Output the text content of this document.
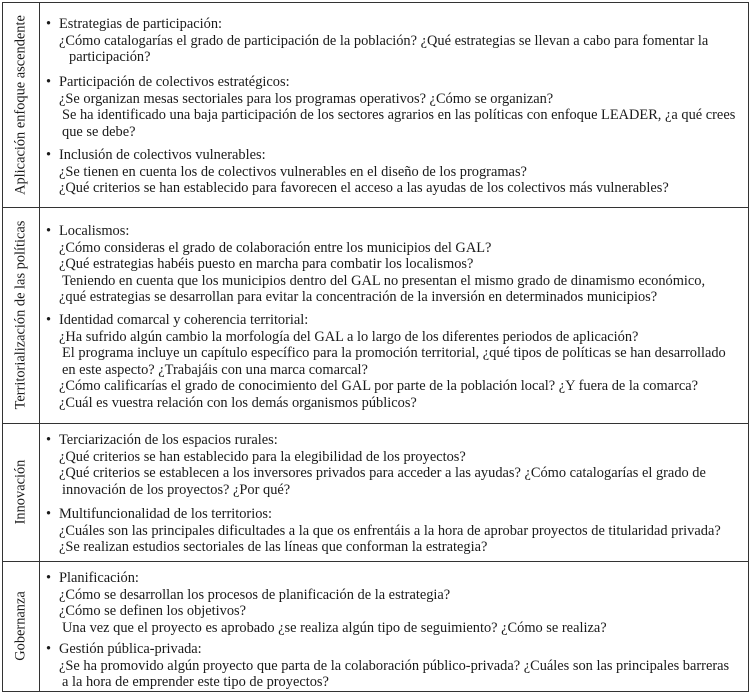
Aplicación enfoque ascendente	• Estrategias de participación:
¿Cómo catalogarías el grado de participación de la población? ¿Qué estrategias se llevan a cabo para fomentar la
participación?
• Participación de colectivos estratégicos:
¿Se organizan mesas sectoriales para los programas operativos? ¿Cómo se organizan?
Se ha identificado una baja participación de los sectores agrarios en las políticas con enfoque LEADER, ¿a qué crees
que se debe?
• Inclusión de colectivos vulnerables:
¿Se tienen en cuenta los de colectivos vulnerables en el diseño de los programas?
¿Qué criterios se han establecido para favorecen el acceso a las ayudas de los colectivos más vulnerables?
Territorialización de las políticas	• Localismos:
¿Cómo consideras el grado de colaboración entre los municipios del GAL?
¿Qué estrategias habéis puesto en marcha para combatir los localismos?
Teniendo en cuenta que los municipios dentro del GAL no presentan el mismo grado de dinamismo económico,
¿qué estrategias se desarrollan para evitar la concentración de la inversión en determinados municipios?
• Identidad comarcal y coherencia territorial:
¿Ha sufrido algún cambio la morfología del GAL a lo largo de los diferentes periodos de aplicación?
El programa incluye un capítulo específico para la promoción territorial, ¿qué tipos de políticas se han desarrollado
en este aspecto? ¿Trabajáis con una marca comarcal?
¿Cómo calificarías el grado de conocimiento del GAL por parte de la población local? ¿Y fuera de la comarca?
¿Cuál es vuestra relación con los demás organismos públicos?
Innovación
• Terciarización de los espacios rurales:
¿Qué criterios se han establecido para la elegibilidad de los proyectos?
¿Qué criterios se establecen a los inversores privados para acceder a las ayudas? ¿Cómo catalogarías el grado de
innovación de los proyectos? ¿Por qué?
• Multifuncionalidad de los territorios:
¿Cuáles son las principales dificultades a la que os enfrentáis a la hora de aprobar proyectos de titularidad privada?
¿Se realizan estudios sectoriales de las líneas que conforman la estrategia?
Gobernanza
• Planificación:
¿Cómo se desarrollan los procesos de planificación de la estrategia?
¿Cómo se definen los objetivos?
Una vez que el proyecto es aprobado ¿se realiza algún tipo de seguimiento? ¿Cómo se realiza?
• Gestión pública-privada:
¿Se ha promovido algún proyecto que parta de la colaboración público-privada? ¿Cuáles son las principales barreras
a la hora de emprender este tipo de proyectos?
